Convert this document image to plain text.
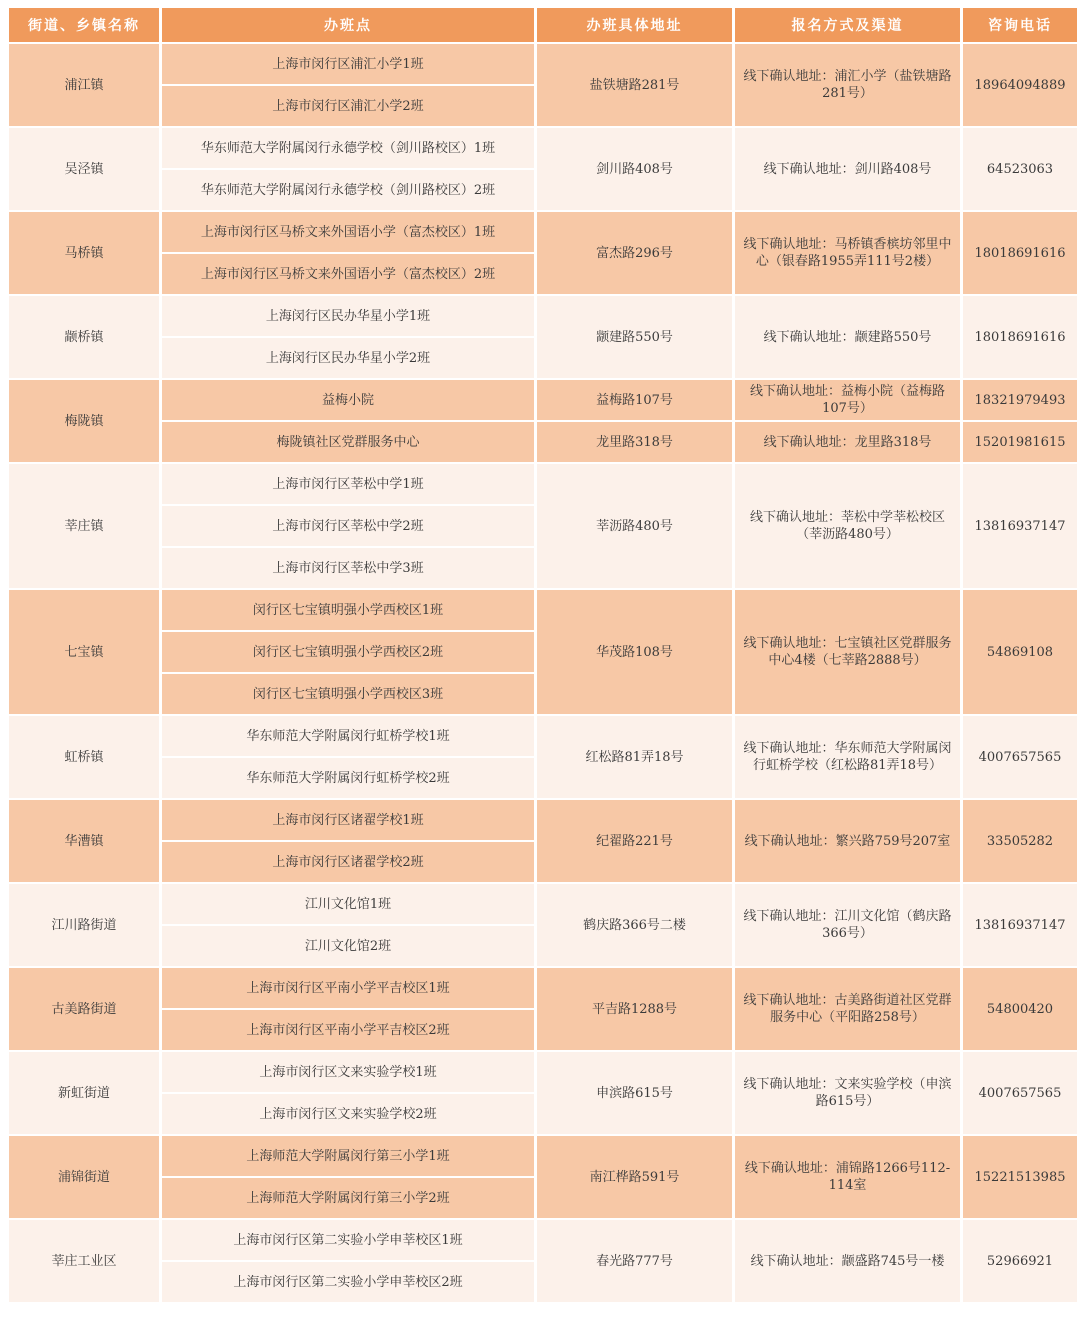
街道、乡镇名称	办班点	办班具体地址	报名方式及渠道	咨询电话
浦江镇	上海市闵行区浦汇小学1班	盐铁塘路281号	线下确认地址：浦汇小学（盐铁塘路281号）	18964094889
	上海市闵行区浦汇小学2班			
吴泾镇	华东师范大学附属闵行永德学校（剑川路校区）1班	剑川路408号	线下确认地址：剑川路408号	64523063
	华东师范大学附属闵行永德学校（剑川路校区）2班			
马桥镇	上海市闵行区马桥文来外国语小学（富杰校区）1班	富杰路296号	线下确认地址：马桥镇香槟坊邻里中心（银春路1955弄111号2楼）	18018691616
	上海市闵行区马桥文来外国语小学（富杰校区）2班			
颛桥镇	上海闵行区民办华星小学1班	颛建路550号	线下确认地址：颛建路550号	18018691616
	上海闵行区民办华星小学2班			
梅陇镇	益梅小院	益梅路107号	线下确认地址：益梅小院（益梅路107号）	18321979493
	梅陇镇社区党群服务中心	龙里路318号	线下确认地址：龙里路318号	15201981615
莘庄镇	上海市闵行区莘松中学1班	莘沥路480号	线下确认地址：莘松中学莘松校区（莘沥路480号）	13816937147
	上海市闵行区莘松中学2班			
	上海市闵行区莘松中学3班			
七宝镇	闵行区七宝镇明强小学西校区1班	华茂路108号	线下确认地址：七宝镇社区党群服务中心4楼（七莘路2888号）	54869108
	闵行区七宝镇明强小学西校区2班			
	闵行区七宝镇明强小学西校区3班			
虹桥镇	华东师范大学附属闵行虹桥学校1班	红松路81弄18号	线下确认地址：华东师范大学附属闵行虹桥学校（红松路81弄18号）	4007657565
	华东师范大学附属闵行虹桥学校2班			
华漕镇	上海市闵行区诸翟学校1班	纪翟路221号	线下确认地址：繁兴路759号207室	33505282
	上海市闵行区诸翟学校2班			
江川路街道	江川文化馆1班	鹤庆路366号二楼	线下确认地址：江川文化馆（鹤庆路366号）	13816937147
	江川文化馆2班			
古美路街道	上海市闵行区平南小学平吉校区1班	平吉路1288号	线下确认地址：古美路街道社区党群服务中心（平阳路258号）	54800420
	上海市闵行区平南小学平吉校区2班			
新虹街道	上海市闵行区文来实验学校1班	申滨路615号	线下确认地址：文来实验学校（申滨路615号）	4007657565
	上海市闵行区文来实验学校2班			
浦锦街道	上海师范大学附属闵行第三小学1班	南江桦路591号	线下确认地址：浦锦路1266号112-114室	15221513985
	上海师范大学附属闵行第三小学2班			
莘庄工业区	上海市闵行区第二实验小学申莘校区1班	春光路777号	线下确认地址：颛盛路745号一楼	52966921
	上海市闵行区第二实验小学申莘校区2班			
